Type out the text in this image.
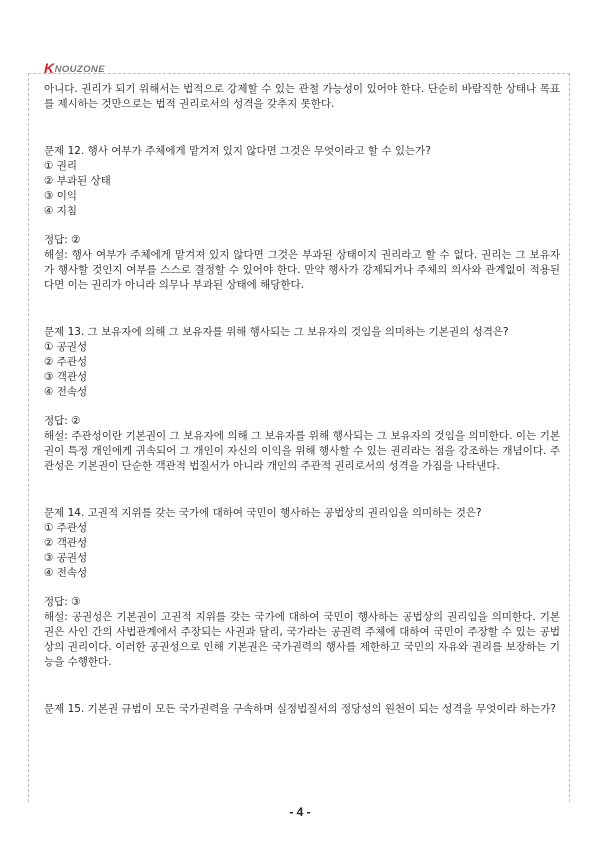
K NOUZONE

아니다. 권리가 되기 위해서는 법적으로 강제할 수 있는 관철 가능성이 있어야 한다. 단순히 바람직한 상태나 목표를 제시하는 것만으로는 법적 권리로서의 성격을 갖추지 못한다.

문제 12. 행사 여부가 주체에게 맡겨져 있지 않다면 그것은 무엇이라고 할 수 있는가?

① 권리

② 부과된 상태

③ 이익

④ 지침

정답: ②

해설: 행사 여부가 주체에게 맡겨져 있지 않다면 그것은 부과된 상태이지 권리라고 할 수 없다. 권리는 그 보유자가 행사할 것인지 여부를 스스로 결정할 수 있어야 한다. 만약 행사가 강제되거나 주체의 의사와 관계없이 적용된다면 이는 권리가 아니라 의무나 부과된 상태에 해당한다.

문제 13. 그 보유자에 의해 그 보유자를 위해 행사되는 그 보유자의 것임을 의미하는 기본권의 성격은?

① 공권성

② 주관성

③ 객관성

④ 전속성

정답: ②

해설: 주관성이란 기본권이 그 보유자에 의해 그 보유자를 위해 행사되는 그 보유자의 것임을 의미한다. 이는 기본권이 특정 개인에게 귀속되어 그 개인이 자신의 이익을 위해 행사할 수 있는 권리라는 점을 강조하는 개념이다. 주관성은 기본권이 단순한 객관적 법질서가 아니라 개인의 주관적 권리로서의 성격을 가짐을 나타낸다.

문제 14. 고권적 지위를 갖는 국가에 대하여 국민이 행사하는 공법상의 권리임을 의미하는 것은?

① 주관성

② 객관성

③ 공권성

④ 전속성

정답: ③

해설: 공권성은 기본권이 고권적 지위를 갖는 국가에 대하여 국민이 행사하는 공법상의 권리임을 의미한다. 기본권은 사인 간의 사법관계에서 주장되는 사권과 달리, 국가라는 공권력 주체에 대하여 국민이 주장할 수 있는 공법상의 권리이다. 이러한 공권성으로 인해 기본권은 국가권력의 행사를 제한하고 국민의 자유와 권리를 보장하는 기능을 수행한다.

문제 15. 기본권 규범이 모든 국가권력을 구속하며 실정법질서의 정당성의 원천이 되는 성격을 무엇이라 하는가?

- 4 -
